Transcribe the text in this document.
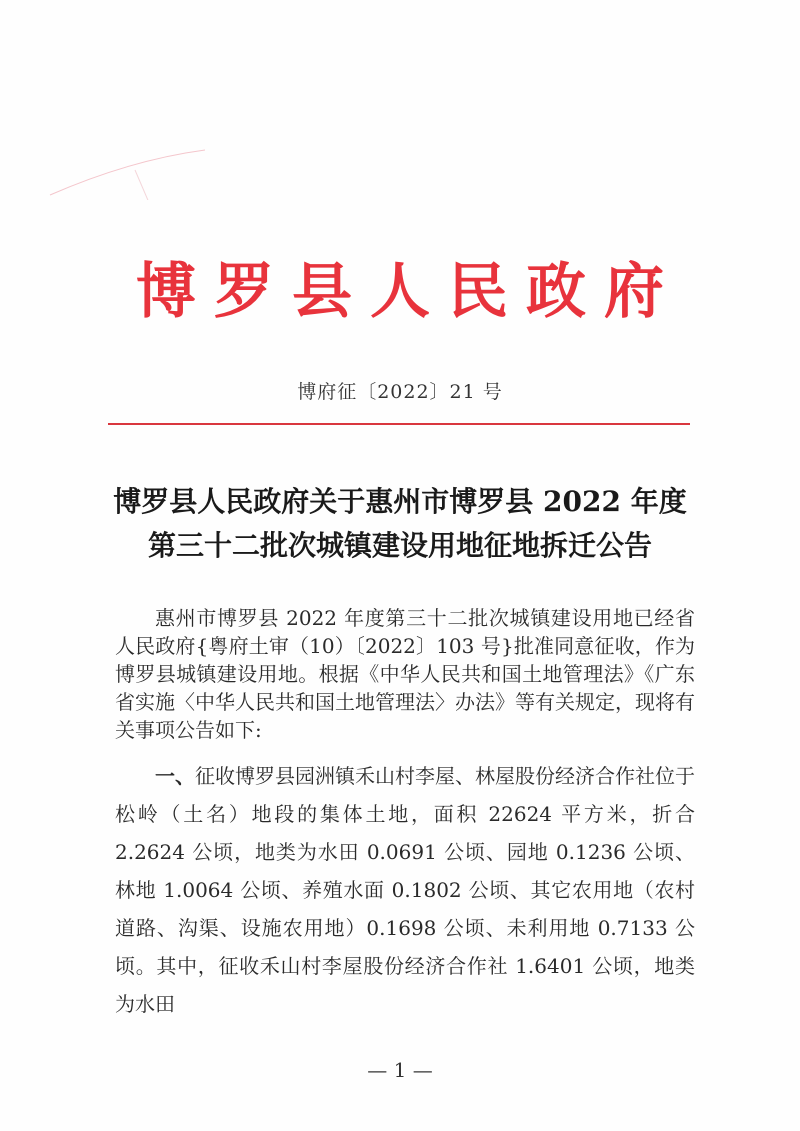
博罗县人民政府
博府征〔2022〕21 号
博罗县人民政府关于惠州市博罗县 2022 年度
第三十二批次城镇建设用地征地拆迁公告
惠州市博罗县 2022 年度第三十二批次城镇建设用地已经省人民政府{粤府土审（10）〔2022〕103 号}批准同意征收，作为博罗县城镇建设用地。根据《中华人民共和国土地管理法》《广东省实施〈中华人民共和国土地管理法〉办法》等有关规定，现将有关事项公告如下:
一、征收博罗县园洲镇禾山村李屋、林屋股份经济合作社位于松岭（土名）地段的集体土地，面积 22624 平方米，折合 2.2624 公顷，地类为水田 0.0691 公顷、园地 0.1236 公顷、林地 1.0064 公顷、养殖水面 0.1802 公顷、其它农用地（农村道路、沟渠、设施农用地）0.1698 公顷、未利用地 0.7133 公顷。其中，征收禾山村李屋股份经济合作社 1.6401 公顷，地类为水田
— 1 —
